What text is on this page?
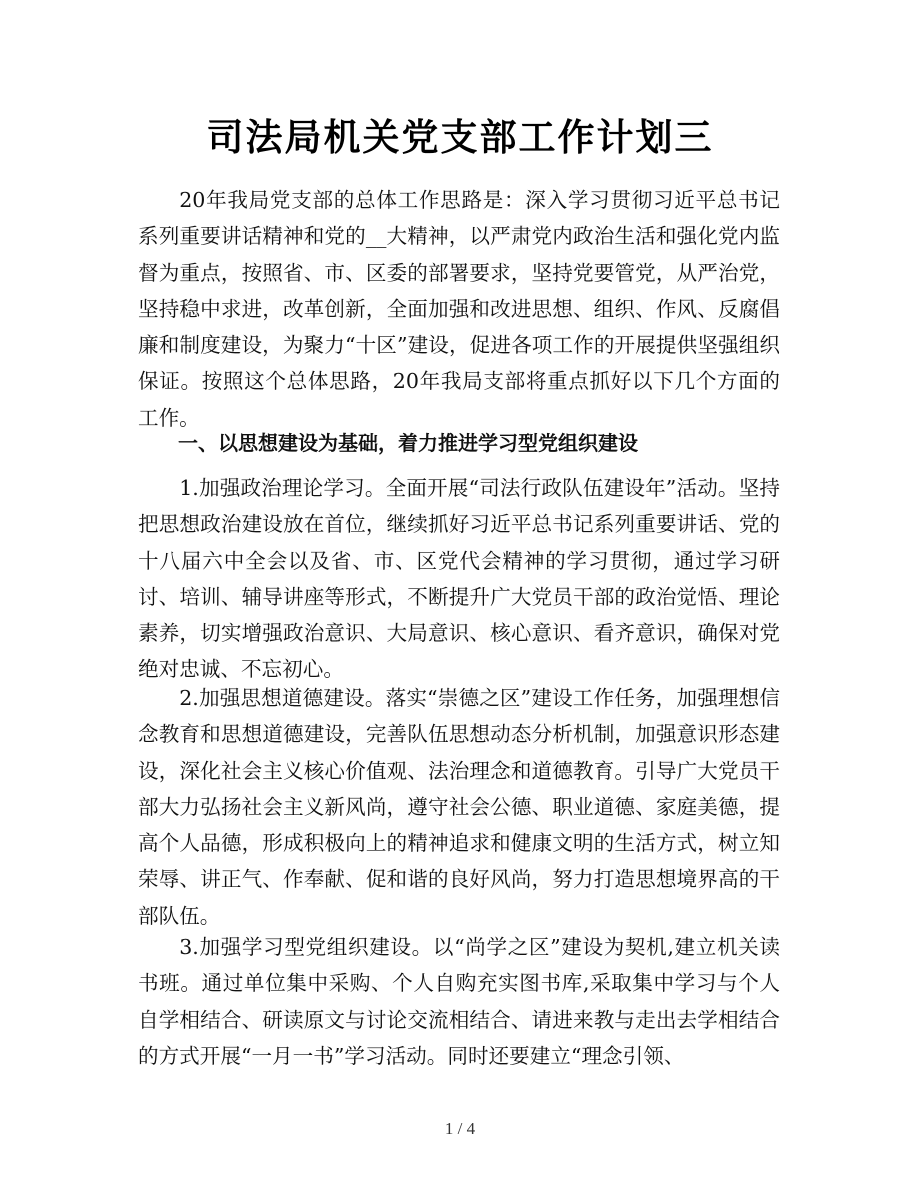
司法局机关党支部工作计划三

20年我局党支部的总体工作思路是：深入学习贯彻习近平总书记系列重要讲话精神和党的__大精神，以严肃党内政治生活和强化党内监督为重点，按照省、市、区委的部署要求，坚持党要管党，从严治党，坚持稳中求进，改革创新，全面加强和改进思想、组织、作风、反腐倡廉和制度建设，为聚力“十区”建设，促进各项工作的开展提供坚强组织保证。按照这个总体思路，20年我局支部将重点抓好以下几个方面的工作。

一、以思想建设为基础，着力推进学习型党组织建设

1.加强政治理论学习。全面开展“司法行政队伍建设年”活动。坚持把思想政治建设放在首位，继续抓好习近平总书记系列重要讲话、党的十八届六中全会以及省、市、区党代会精神的学习贯彻，通过学习研讨、培训、辅导讲座等形式，不断提升广大党员干部的政治觉悟、理论素养，切实增强政治意识、大局意识、核心意识、看齐意识，确保对党绝对忠诚、不忘初心。

2.加强思想道德建设。落实“崇德之区”建设工作任务，加强理想信念教育和思想道德建设，完善队伍思想动态分析机制，加强意识形态建设，深化社会主义核心价值观、法治理念和道德教育。引导广大党员干部大力弘扬社会主义新风尚，遵守社会公德、职业道德、家庭美德，提高个人品德，形成积极向上的精神追求和健康文明的生活方式，树立知荣辱、讲正气、作奉献、促和谐的良好风尚，努力打造思想境界高的干部队伍。

3.加强学习型党组织建设。以“尚学之区”建设为契机,建立机关读书班。通过单位集中采购、个人自购充实图书库,采取集中学习与个人自学相结合、研读原文与讨论交流相结合、请进来教与走出去学相结合的方式开展“一月一书”学习活动。同时还要建立“理念引领、

1 / 4
